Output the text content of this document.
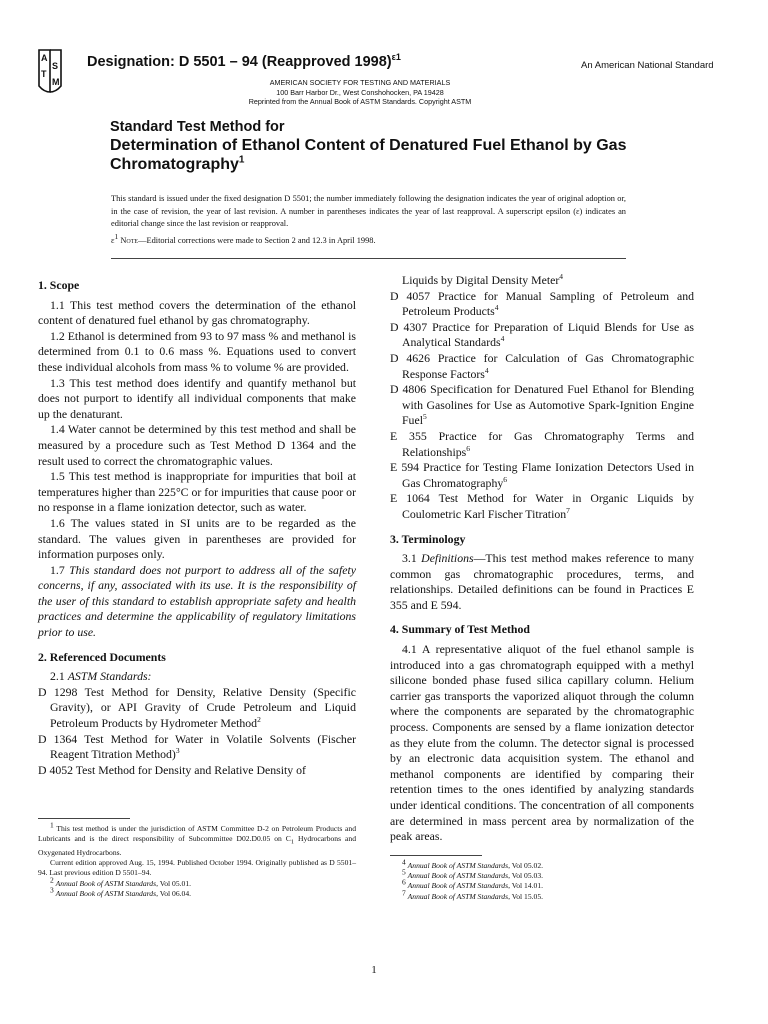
A
S
T
M
Designation: D 5501 – 94 (Reapproved 1998)$^{\varepsilon 1}$
An American National Standard
AMERICAN SOCIETY FOR TESTING AND MATERIALS
100 Barr Harbor Dr., West Conshohocken, PA 19428
Reprinted from the Annual Book of ASTM Standards. Copyright ASTM
Standard Test Method for
Determination of Ethanol Content of Denatured Fuel Ethanol by Gas Chromatography$^1$
This standard is issued under the fixed designation D 5501; the number immediately following the designation indicates the year of original adoption or, in the case of revision, the year of last revision. A number in parentheses indicates the year of last reapproval. A superscript epsilon (ε) indicates an editorial change since the last revision or reapproval.
$\varepsilon^1$ Note—Editorial corrections were made to Section 2 and 12.3 in April 1998.
1. Scope

1.1 This test method covers the determination of the ethanol content of denatured fuel ethanol by gas chromatography.

1.2 Ethanol is determined from 93 to 97 mass % and methanol is determined from 0.1 to 0.6 mass %. Equations used to convert these individual alcohols from mass % to volume % are provided.

1.3 This test method does identify and quantify methanol but does not purport to identify all individual components that make up the denaturant.

1.4 Water cannot be determined by this test method and shall be measured by a procedure such as Test Method D 1364 and the result used to correct the chromatographic values.

1.5 This test method is inappropriate for impurities that boil at temperatures higher than 225°C or for impurities that cause poor or no response in a flame ionization detector, such as water.

1.6 The values stated in SI units are to be regarded as the standard. The values given in parentheses are provided for information purposes only.

1.7 This standard does not purport to address all of the safety concerns, if any, associated with its use. It is the responsibility of the user of this standard to establish appropriate safety and health practices and determine the applicability of regulatory limitations prior to use.

2. Referenced Documents

2.1 ASTM Standards:

D 1298 Test Method for Density, Relative Density (Specific Gravity), or API Gravity of Crude Petroleum and Liquid Petroleum Products by Hydrometer Method$^2$

D 1364 Test Method for Water in Volatile Solvents (Fischer Reagent Titration Method)$^3$

D 4052 Test Method for Density and Relative Density of

Liquids by Digital Density Meter$^4$

D 4057 Practice for Manual Sampling of Petroleum and Petroleum Products$^4$

D 4307 Practice for Preparation of Liquid Blends for Use as Analytical Standards$^4$

D 4626 Practice for Calculation of Gas Chromatographic Response Factors$^4$

D 4806 Specification for Denatured Fuel Ethanol for Blending with Gasolines for Use as Automotive Spark-Ignition Engine Fuel$^5$

E 355 Practice for Gas Chromatography Terms and Relationships$^6$

E 594 Practice for Testing Flame Ionization Detectors Used in Gas Chromatography$^6$

E 1064 Test Method for Water in Organic Liquids by Coulometric Karl Fischer Titration$^7$

3. Terminology

3.1 Definitions—This test method makes reference to many common gas chromatographic procedures, terms, and relationships. Detailed definitions can be found in Practices E 355 and E 594.

4. Summary of Test Method

4.1 A representative aliquot of the fuel ethanol sample is introduced into a gas chromatograph equipped with a methyl silicone bonded phase fused silica capillary column. Helium carrier gas transports the vaporized aliquot through the column where the components are separated by the chromatographic process. Components are sensed by a flame ionization detector as they elute from the column. The detector signal is processed by an electronic data acquisition system. The ethanol and methanol components are identified by comparing their retention times to the ones identified by analyzing standards under identical conditions. The concentration of all components are determined in mass percent area by normalization of the peak areas.

$^1$ This test method is under the jurisdiction of ASTM Committee D-2 on Petroleum Products and Lubricants and is the direct responsibility of Subcommittee D02.D0.05 on $C_1$ Hydrocarbons and Oxygenated Hydrocarbons.

Current edition approved Aug. 15, 1994. Published October 1994. Originally published as D 5501–94. Last previous edition D 5501–94.

$^2$ Annual Book of ASTM Standards, Vol 05.01.

$^3$ Annual Book of ASTM Standards, Vol 06.04.

$^4$ Annual Book of ASTM Standards, Vol 05.02.

$^5$ Annual Book of ASTM Standards, Vol 05.03.

$^6$ Annual Book of ASTM Standards, Vol 14.01.

$^7$ Annual Book of ASTM Standards, Vol 15.05.

1
